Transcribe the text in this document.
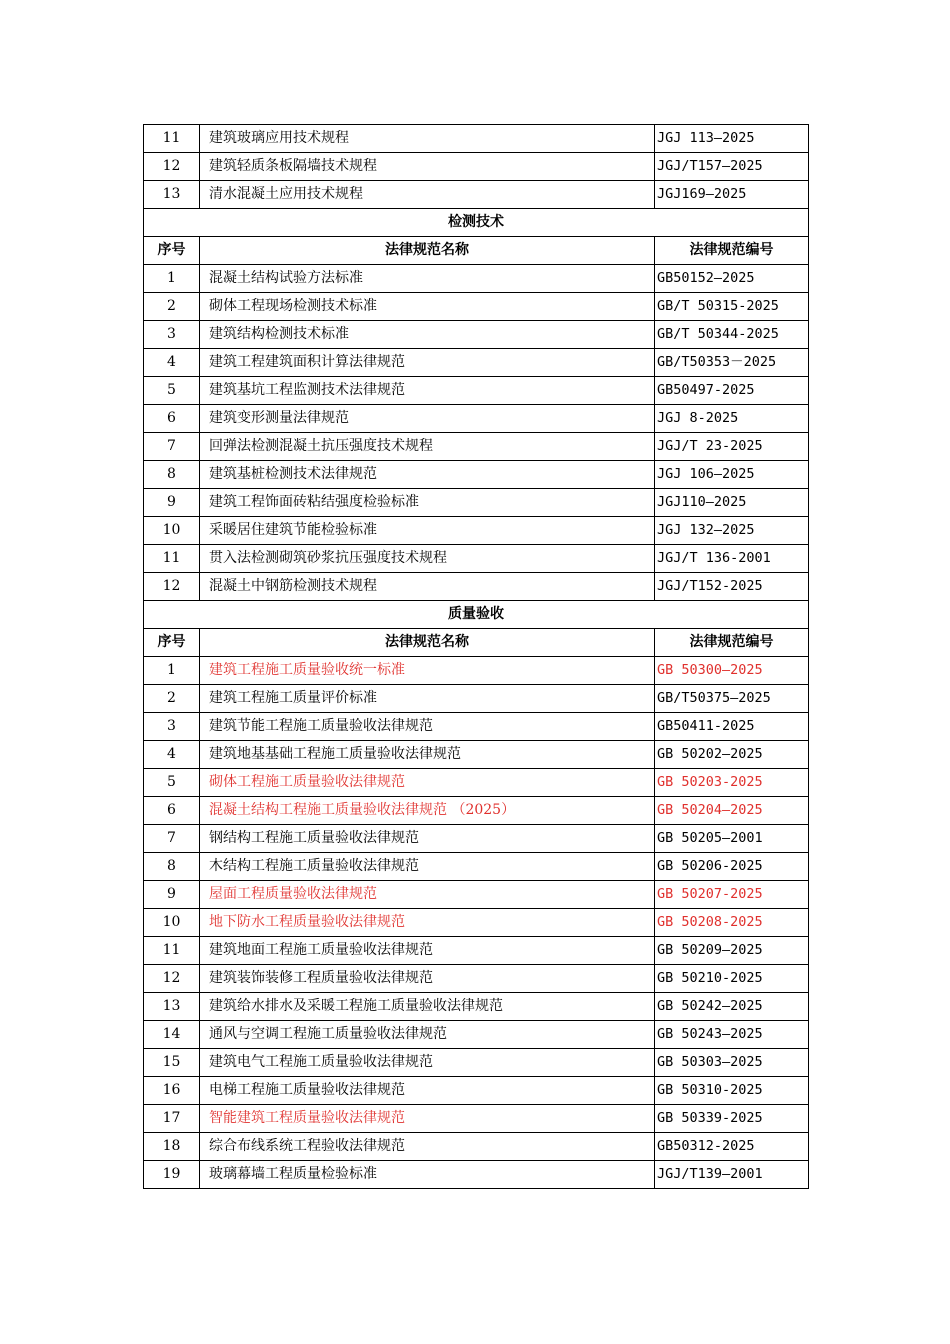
11	建筑玻璃应用技术规程	JGJ 113—2025
12	建筑轻质条板隔墙技术规程	JGJ/T157—2025
13	清水混凝土应用技术规程	JGJ169—2025
检测技术		
序号	法律规范名称	法律规范编号
1	混凝土结构试验方法标准	GB50152—2025
2	砌体工程现场检测技术标准	GB/T 50315-2025
3	建筑结构检测技术标准	GB/T 50344-2025
4	建筑工程建筑面积计算法律规范	GB/T50353－2025
5	建筑基坑工程监测技术法律规范	GB50497-2025
6	建筑变形测量法律规范	JGJ 8-2025
7	回弹法检测混凝土抗压强度技术规程	JGJ/T 23-2025
8	建筑基桩检测技术法律规范	JGJ 106—2025
9	建筑工程饰面砖粘结强度检验标准	JGJ110—2025
10	采暖居住建筑节能检验标准	JGJ 132—2025
11	贯入法检测砌筑砂浆抗压强度技术规程	JGJ/T 136-2001
12	混凝土中钢筋检测技术规程	JGJ/T152-2025
质量验收		
序号	法律规范名称	法律规范编号
1	建筑工程施工质量验收统一标准	GB 50300—2025
2	建筑工程施工质量评价标准	GB/T50375—2025
3	建筑节能工程施工质量验收法律规范	GB50411-2025
4	建筑地基基础工程施工质量验收法律规范	GB 50202—2025
5	砌体工程施工质量验收法律规范	GB 50203-2025
6	混凝土结构工程施工质量验收法律规范 （2025）	GB 50204—2025
7	钢结构工程施工质量验收法律规范	GB 50205—2001
8	木结构工程施工质量验收法律规范	GB 50206-2025
9	屋面工程质量验收法律规范	GB 50207-2025
10	地下防水工程质量验收法律规范	GB 50208-2025
11	建筑地面工程施工质量验收法律规范	GB 50209—2025
12	建筑装饰装修工程质量验收法律规范	GB 50210-2025
13	建筑给水排水及采暖工程施工质量验收法律规范	GB 50242—2025
14	通风与空调工程施工质量验收法律规范	GB 50243—2025
15	建筑电气工程施工质量验收法律规范	GB 50303—2025
16	电梯工程施工质量验收法律规范	GB 50310-2025
17	智能建筑工程质量验收法律规范	GB 50339-2025
18	综合布线系统工程验收法律规范	GB50312-2025
19	玻璃幕墙工程质量检验标准	JGJ/T139—2001
